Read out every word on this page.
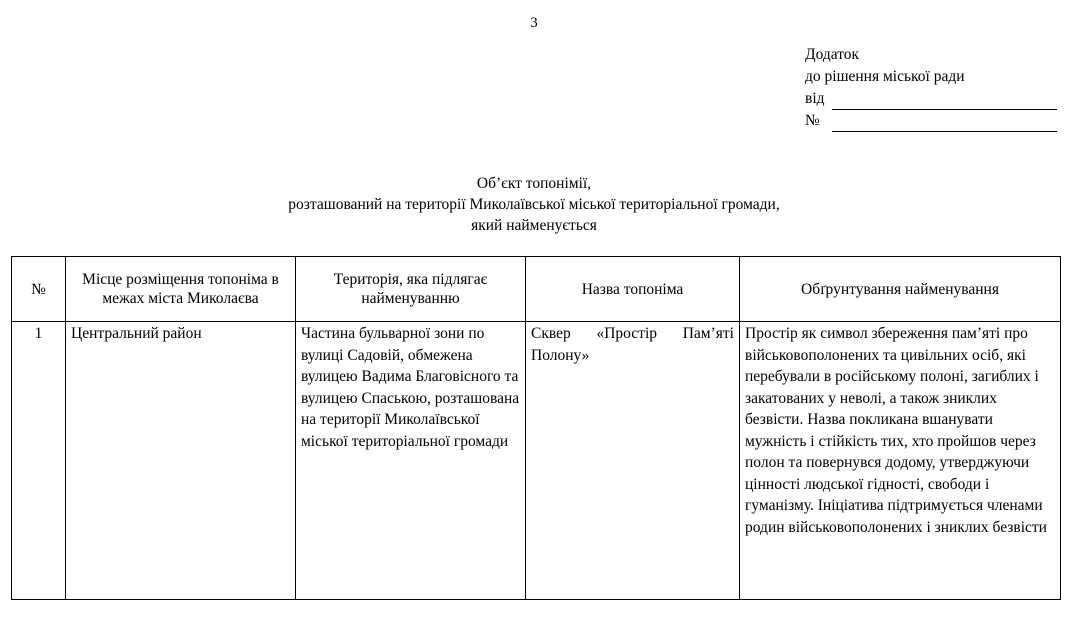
3
Додаток
до рішення міської ради
від
№
Об’єкт топонімії,
розташований на території Миколаївської міської територіальної громади,
який найменується
№	Місце розміщення топоніма в межах міста Миколаєва	Територія, яка підлягає найменуванню	Назва топоніма	Обґрунтування найменування
1	Центральний район	Частина бульварної зони по вулиці Садовій, обмежена вулицею Вадима Благовісного та вулицею Спаською, розташована на території Миколаївської міської територіальної громади	Сквер «Простір Пам’яті Полону»	Простір як символ збереження пам’яті про військовополонених та цивільних осіб, які перебували в російському полоні, загиблих і закатованих у неволі, а також зниклих безвісти. Назва покликана вшанувати мужність і стійкість тих, хто пройшов через полон та повернувся додому, утверджуючи цінності людської гідності, свободи і гуманізму. Ініціатива підтримується членами родин військовополонених і зниклих безвісти
